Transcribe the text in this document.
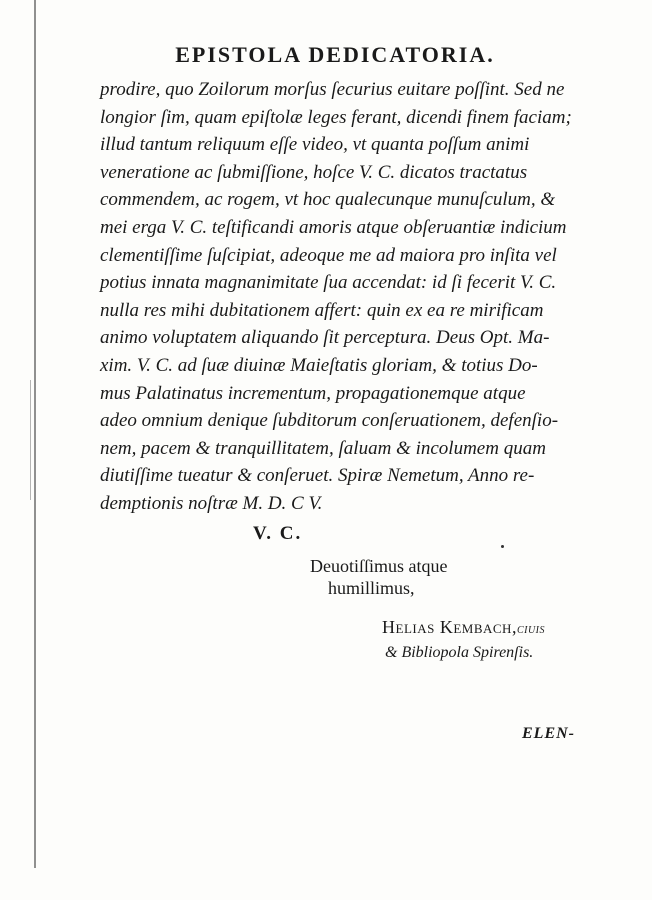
EPISTOLA DEDICATORIA.
prodire, quo Zoilorum morſus ſecurius euitare poſſint. Sed ne
longior ſim, quam epiſtolæ leges ferant, dicendi finem faciam;
illud tantum reliquum eſſe video, vt quanta poſſum animi
veneratione ac ſubmiſſione, hoſce V. C. dicatos tractatus
commendem, ac rogem, vt hoc qualecunque munuſculum, &
mei erga V. C. teſtificandi amoris atque obſeruantiæ indicium
clementiſſime ſuſcipiat, adeoque me ad maiora pro inſita vel
potius innata magnanimitate ſua accendat: id ſi fecerit V. C.
nulla res mihi dubitationem affert: quin ex ea re mirificam
animo voluptatem aliquando ſit perceptura. Deus Opt. Ma-
xim. V. C. ad ſuæ diuinæ Maieſtatis gloriam, & totius Do-
mus Palatinatus incrementum, propagationemque atque
adeo omnium denique ſubditorum conſeruationem, defenſio-
nem, pacem & tranquillitatem, ſaluam & incolumem quam
diutiſſime tueatur & conſeruet. Spiræ Nemetum, Anno re-
demptionis noſtræ M. D. C V.
V. C.
Deuotiſſimus atque
humillimus,
Helias Kembach,ciuis
& Bibliopola Spirenſis.
ELEN-
